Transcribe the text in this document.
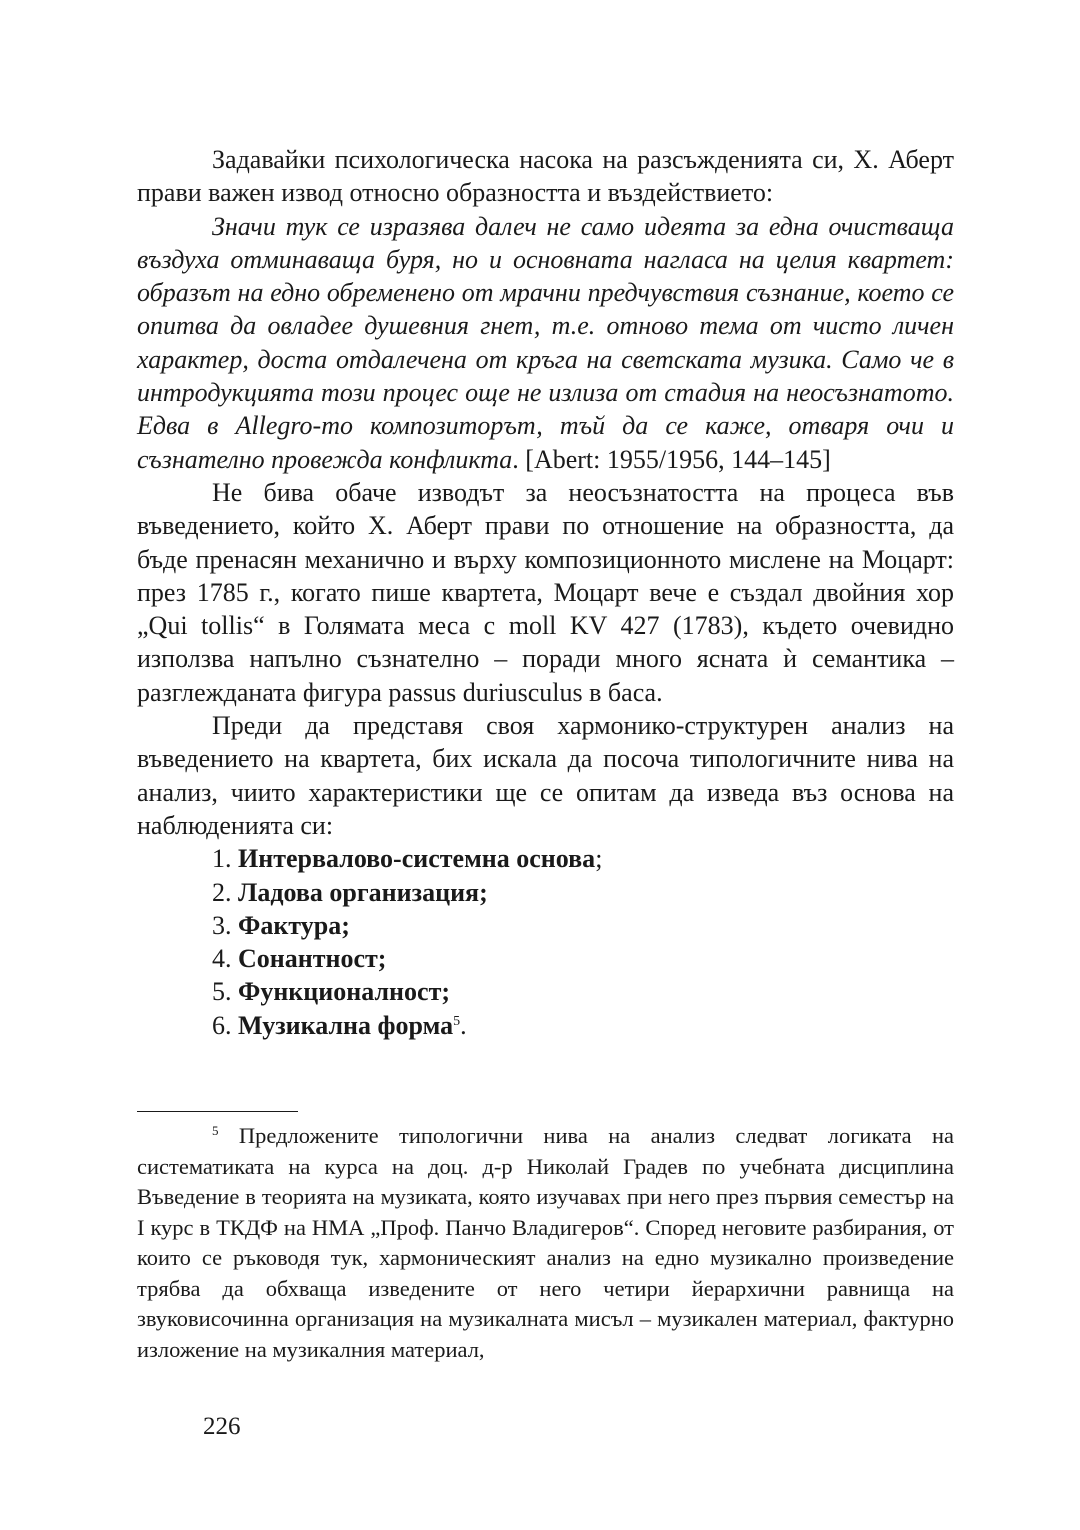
Задавайки психологическа насока на разсъжденията си, Х. Аберт прави важен извод относно образността и въздействието:

Значи тук се изразява далеч не само идеята за една очистваща въздуха отминаваща буря, но и основната нагласа на целия квартет: образът на едно обременено от мрачни предчувствия съзнание, което се опитва да овладее душевния гнет, т.е. отново тема от чисто личен характер, доста отдалечена от кръга на светската музика. Само че в интродукцията този процес още не излиза от стадия на неосъзнатото. Едва в Allegro-то композиторът, тъй да се каже, отваря очи и съзнателно провежда конфликта. [Abert: 1955/1956, 144–145]

Не бива обаче изводът за неосъзнатостта на процеса във въведението, който Х. Аберт прави по отношение на образността, да бъде пренасян механично и върху композиционното мислене на Моцарт: през 1785 г., когато пише квартета, Моцарт вече е създал двойния хор „Qui tollis“ в Голямата меса c moll KV 427 (1783), където очевидно използва напълно съзнателно – поради много ясната ѝ семантика – разглежданата фигура passus duriusculus в баса.

Преди да представя своя хармонико-структурен анализ на въведението на квартета, бих искала да посоча типологичните нива на анализ, чиито характеристики ще се опитам да изведа въз основа на наблюденията си:

1. Интервалово-системна основа;
2. Ладова организация;
3. Фактура;
4. Сонантност;
5. Функционалност;
6. Музикална форма$^5$.

$^5$ Предложените типологични нива на анализ следват логиката на систематиката на курса на доц. д-р Николай Градев по учебната дисциплина Въведение в теорията на музиката, която изучавах при него през първия семестър на I курс в ТКДФ на НМА „Проф. Панчо Владигеров“. Според неговите разбирания, от които се ръководя тук, хармоническият анализ на едно музикално произведение трябва да обхваща изведените от него четири йерархични равнища на звуковисочинна организация на музикалната мисъл – музикален материал, фактурно изложение на музикалния материал,

226
